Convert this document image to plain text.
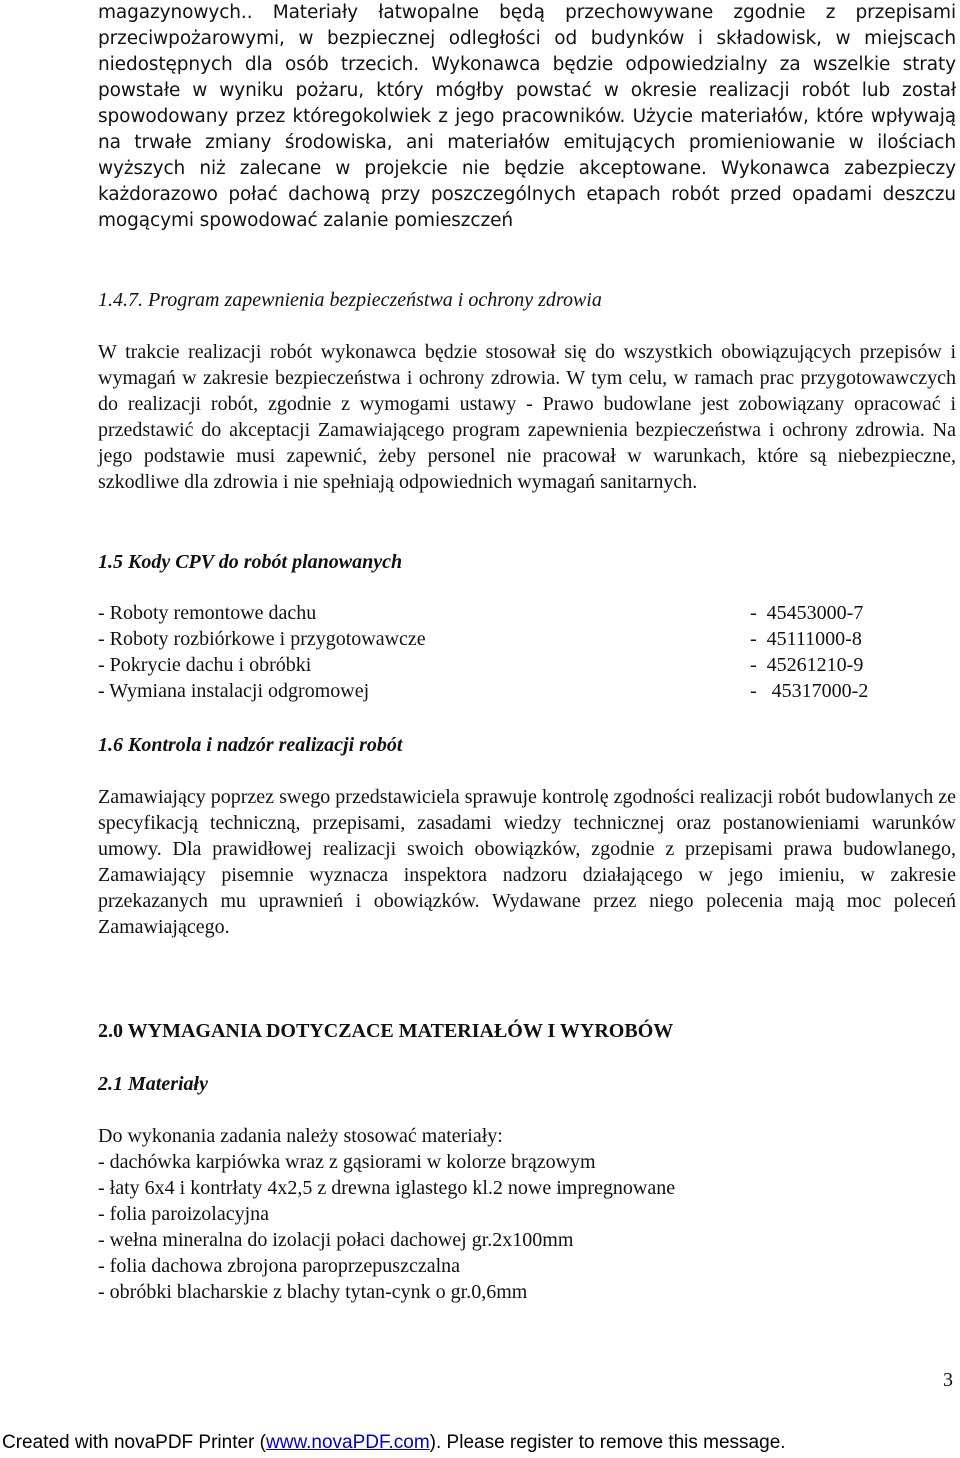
magazynowych.. Materiały łatwopalne będą przechowywane zgodnie z przepisami przeciwpożarowymi, w bezpiecznej odległości od budynków i składowisk, w miejscach niedostępnych dla osób trzecich. Wykonawca będzie odpowiedzialny za wszelkie straty powstałe w wyniku pożaru, który mógłby powstać w okresie realizacji robót lub został spowodowany przez któregokolwiek z jego pracowników. Użycie materiałów, które wpływają na trwałe zmiany środowiska, ani materiałów emitujących promieniowanie w ilościach wyższych niż zalecane w projekcie nie będzie akceptowane. Wykonawca zabezpieczy każdorazowo połać dachową przy poszczególnych etapach robót przed opadami deszczu mogącymi spowodować zalanie pomieszczeń

1.4.7. Program zapewnienia bezpieczeństwa i ochrony zdrowia

W trakcie realizacji robót wykonawca będzie stosował się do wszystkich obowiązujących przepisów i wymagań w zakresie bezpieczeństwa i ochrony zdrowia. W tym celu, w ramach prac przygotowawczych do realizacji robót, zgodnie z wymogami ustawy - Prawo budowlane jest zobowiązany opracować i przedstawić do akceptacji Zamawiającego program zapewnienia bezpieczeństwa i ochrony zdrowia. Na jego podstawie musi zapewnić, żeby personel nie pracował w warunkach, które są niebezpieczne, szkodliwe dla zdrowia i nie spełniają odpowiednich wymagań sanitarnych.

1.5 Kody CPV do robót planowanych
- Roboty remontowe dachu	-  45453000-7
- Roboty rozbiórkowe i przygotowawcze	-  45111000-8
- Pokrycie dachu i obróbki	-  45261210-9
- Wymiana instalacji odgromowej	-   45317000-2
1.6 Kontrola i nadzór realizacji robót

Zamawiający poprzez swego przedstawiciela sprawuje kontrolę zgodności realizacji robót budowlanych ze specyfikacją techniczną, przepisami, zasadami wiedzy technicznej oraz postanowieniami warunków umowy. Dla prawidłowej realizacji swoich obowiązków, zgodnie z przepisami prawa budowlanego, Zamawiający pisemnie wyznacza inspektora nadzoru działającego w jego imieniu, w zakresie przekazanych mu uprawnień i obowiązków. Wydawane przez niego polecenia mają moc poleceń Zamawiającego.

2.0 WYMAGANIA DOTYCZACE MATERIAŁÓW I WYROBÓW
2.1 Materiały

Do wykonania zadania należy stosować materiały:

- dachówka karpiówka wraz z gąsiorami w kolorze brązowym
- łaty 6x4 i kontrłaty 4x2,5 z drewna iglastego kl.2 nowe impregnowane
- folia paroizolacyjna
- wełna mineralna do izolacji połaci dachowej gr.2x100mm
- folia dachowa zbrojona paroprzepuszczalna
- obróbki blacharskie z blachy tytan-cynk o gr.0,6mm
3
Created with novaPDF Printer (www.novaPDF.com). Please register to remove this message.
